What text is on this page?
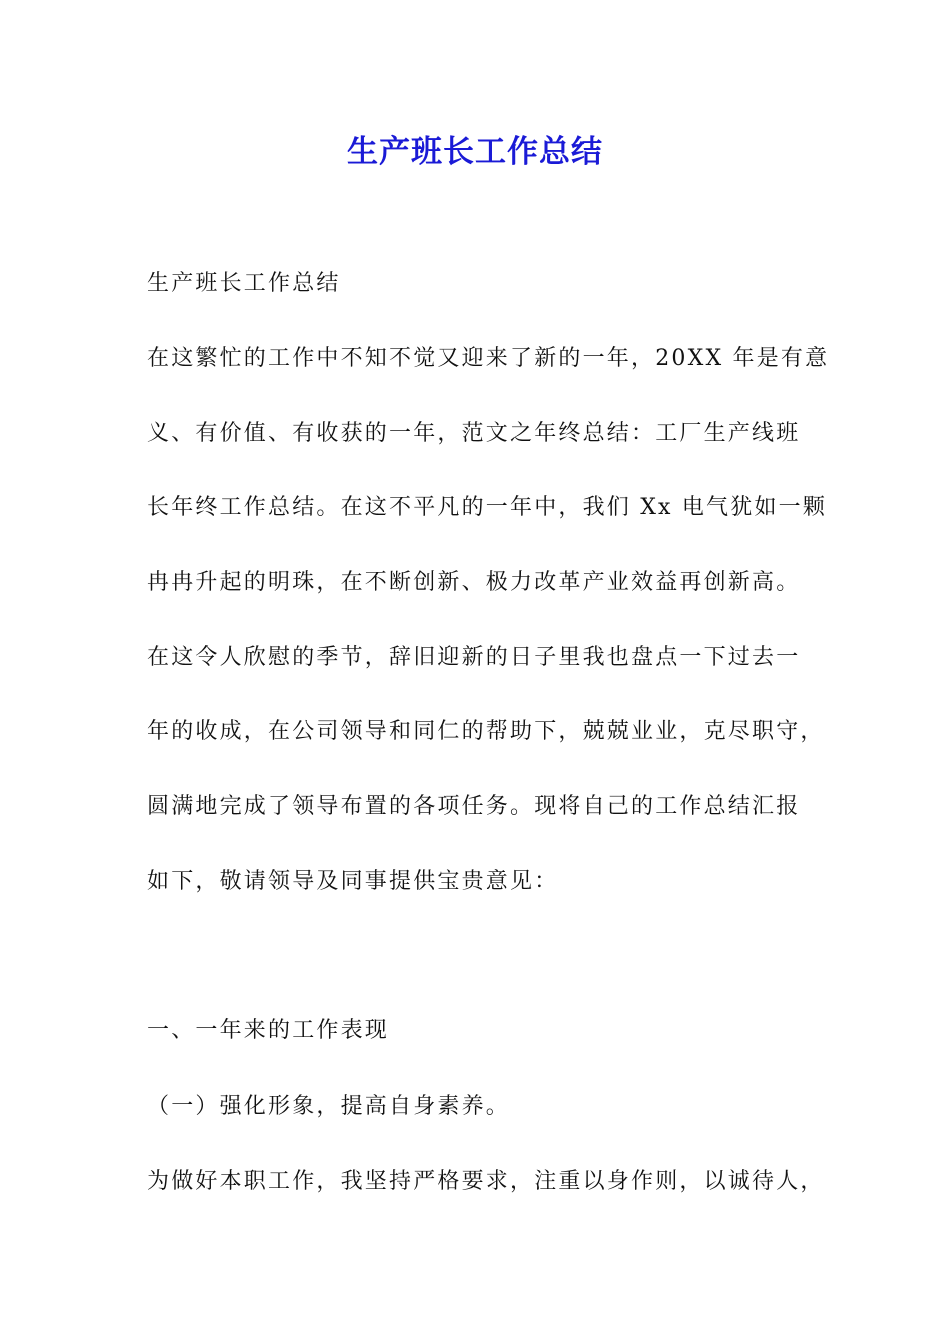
生产班长工作总结

生产班长工作总结

在这繁忙的工作中不知不觉又迎来了新的一年，20XX 年是有意

义、有价值、有收获的一年，范文之年终总结：工厂生产线班

长年终工作总结。在这不平凡的一年中，我们 Xx 电气犹如一颗

冉冉升起的明珠，在不断创新、极力改革产业效益再创新高。

在这令人欣慰的季节，辞旧迎新的日子里我也盘点一下过去一

年的收成，在公司领导和同仁的帮助下，兢兢业业，克尽职守，

圆满地完成了领导布置的各项任务。现将自己的工作总结汇报

如下，敬请领导及同事提供宝贵意见：

一、一年来的工作表现

（一）强化形象，提高自身素养。

为做好本职工作，我坚持严格要求，注重以身作则，以诚待人，
